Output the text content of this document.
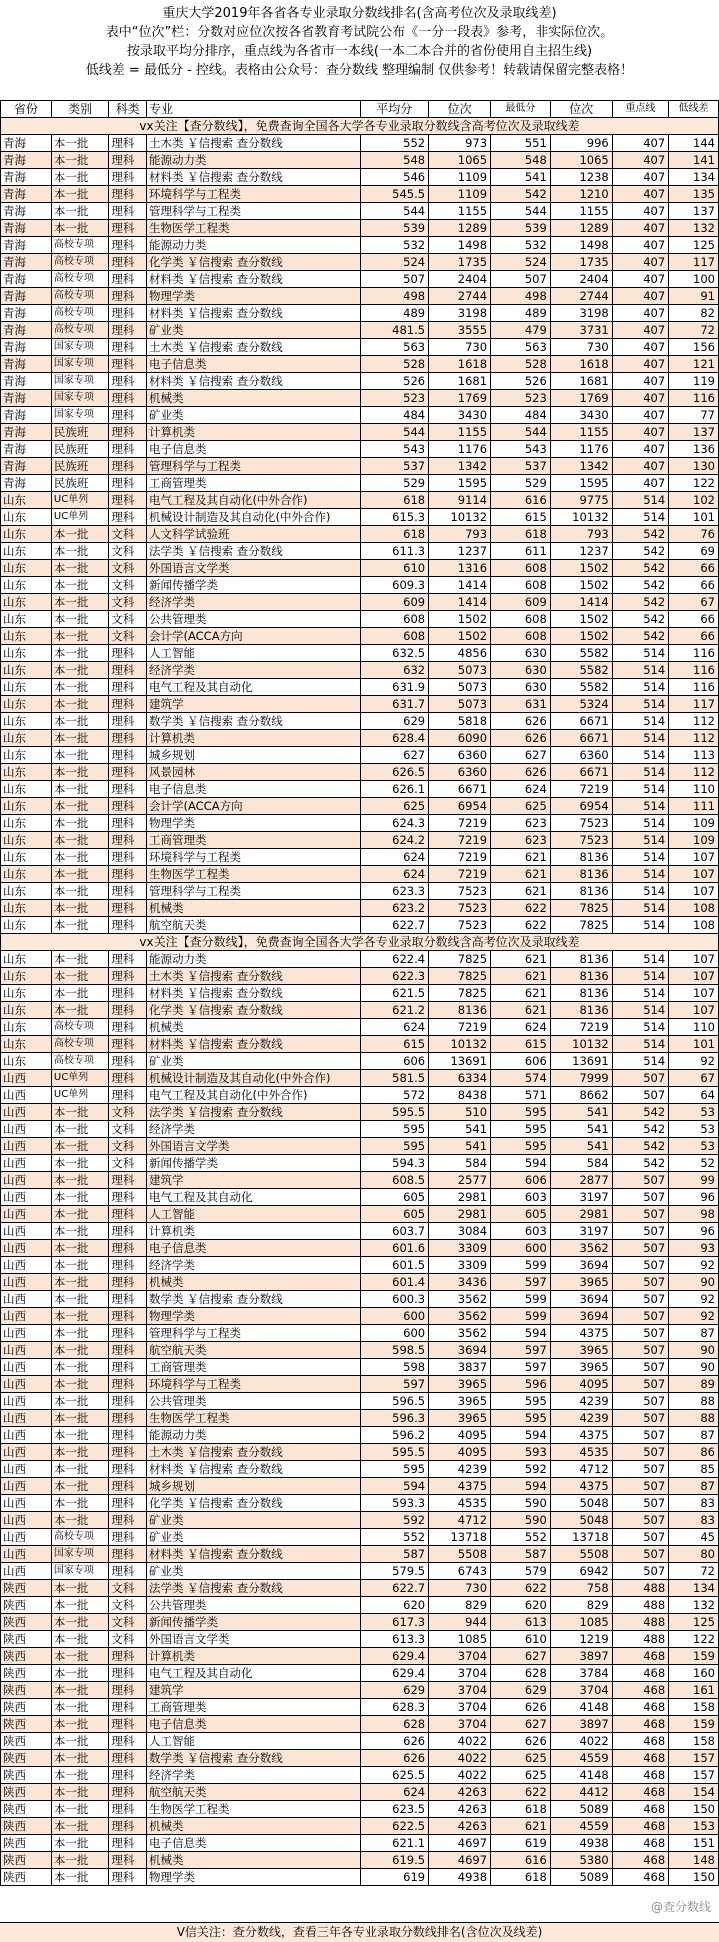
重庆大学2019年各省各专业录取分数线排名(含高考位次及录取线差)
表中“位次”栏：分数对应位次按各省教育考试院公布《一分一段表》参考，非实际位次。
按录取平均分排序，重点线为各省市一本线(一本二本合并的省份使用自主招生线)
低线差 = 最低分 - 控线。表格由公众号：查分数线 整理编制 仅供参考！转载请保留完整表格！
省份	类别	科类	专业	平均分	位次	最低分	位次	重点线	低线差
vx关注【查分数线】，免费查询全国各大学各专业录取分数线含高考位次及录取线差									
青海	本一批	理科	土木类 ￥信搜索 查分数线	552	973	551	996	407	144
青海	本一批	理科	能源动力类	548	1065	548	1065	407	141
青海	本一批	理科	材料类 ￥信搜索 查分数线	546	1109	541	1238	407	134
青海	本一批	理科	环境科学与工程类	545.5	1109	542	1210	407	135
青海	本一批	理科	管理科学与工程类	544	1155	544	1155	407	137
青海	本一批	理科	生物医学工程类	539	1289	539	1289	407	132
青海	高校专项	理科	能源动力类	532	1498	532	1498	407	125
青海	高校专项	理科	化学类 ￥信搜索 查分数线	524	1735	524	1735	407	117
青海	高校专项	理科	材料类 ￥信搜索 查分数线	507	2404	507	2404	407	100
青海	高校专项	理科	物理学类	498	2744	498	2744	407	91
青海	高校专项	理科	材料类 ￥信搜索 查分数线	489	3198	489	3198	407	82
青海	高校专项	理科	矿业类	481.5	3555	479	3731	407	72
青海	国家专项	理科	土木类 ￥信搜索 查分数线	563	730	563	730	407	156
青海	国家专项	理科	电子信息类	528	1618	528	1618	407	121
青海	国家专项	理科	材料类 ￥信搜索 查分数线	526	1681	526	1681	407	119
青海	国家专项	理科	机械类	523	1769	523	1769	407	116
青海	国家专项	理科	矿业类	484	3430	484	3430	407	77
青海	民族班	理科	计算机类	544	1155	544	1155	407	137
青海	民族班	理科	电子信息类	543	1176	543	1176	407	136
青海	民族班	理科	管理科学与工程类	537	1342	537	1342	407	130
青海	民族班	理科	工商管理类	529	1595	529	1595	407	122
山东	UC单列	理科	电气工程及其自动化(中外合作)	618	9114	616	9775	514	102
山东	UC单列	理科	机械设计制造及其自动化(中外合作)	615.3	10132	615	10132	514	101
山东	本一批	文科	人文科学试验班	618	793	618	793	542	76
山东	本一批	文科	法学类 ￥信搜索 查分数线	611.3	1237	611	1237	542	69
山东	本一批	文科	外国语言文学类	610	1316	608	1502	542	66
山东	本一批	文科	新闻传播学类	609.3	1414	608	1502	542	66
山东	本一批	文科	经济学类	609	1414	609	1414	542	67
山东	本一批	文科	公共管理类	608	1502	608	1502	542	66
山东	本一批	文科	会计学(ACCA方向	608	1502	608	1502	542	66
山东	本一批	理科	人工智能	632.5	4856	630	5582	514	116
山东	本一批	理科	经济学类	632	5073	630	5582	514	116
山东	本一批	理科	电气工程及其自动化	631.9	5073	630	5582	514	116
山东	本一批	理科	建筑学	631.7	5073	631	5324	514	117
山东	本一批	理科	数学类 ￥信搜索 查分数线	629	5818	626	6671	514	112
山东	本一批	理科	计算机类	628.4	6090	626	6671	514	112
山东	本一批	理科	城乡规划	627	6360	627	6360	514	113
山东	本一批	理科	风景园林	626.5	6360	626	6671	514	112
山东	本一批	理科	电子信息类	626.1	6671	624	7219	514	110
山东	本一批	理科	会计学(ACCA方向	625	6954	625	6954	514	111
山东	本一批	理科	物理学类	624.3	7219	623	7523	514	109
山东	本一批	理科	工商管理类	624.2	7219	623	7523	514	109
山东	本一批	理科	环境科学与工程类	624	7219	621	8136	514	107
山东	本一批	理科	生物医学工程类	624	7219	621	8136	514	107
山东	本一批	理科	管理科学与工程类	623.3	7523	621	8136	514	107
山东	本一批	理科	机械类	623.2	7523	622	7825	514	108
山东	本一批	理科	航空航天类	622.7	7523	622	7825	514	108
vx关注【查分数线】，免费查询全国各大学各专业录取分数线含高考位次及录取线差									
山东	本一批	理科	能源动力类	622.4	7825	621	8136	514	107
山东	本一批	理科	土木类 ￥信搜索 查分数线	622.3	7825	621	8136	514	107
山东	本一批	理科	材料类 ￥信搜索 查分数线	621.5	7825	621	8136	514	107
山东	本一批	理科	化学类 ￥信搜索 查分数线	621.2	8136	621	8136	514	107
山东	高校专项	理科	机械类	624	7219	624	7219	514	110
山东	高校专项	理科	材料类 ￥信搜索 查分数线	615	10132	615	10132	514	101
山东	高校专项	理科	矿业类	606	13691	606	13691	514	92
山西	UC单列	理科	机械设计制造及其自动化(中外合作)	581.5	6334	574	7999	507	67
山西	UC单列	理科	电气工程及其自动化(中外合作)	572	8438	571	8662	507	64
山西	本一批	文科	法学类 ￥信搜索 查分数线	595.5	510	595	541	542	53
山西	本一批	文科	经济学类	595	541	595	541	542	53
山西	本一批	文科	外国语言文学类	595	541	595	541	542	53
山西	本一批	文科	新闻传播学类	594.3	584	594	584	542	52
山西	本一批	理科	建筑学	608.5	2577	606	2877	507	99
山西	本一批	理科	电气工程及其自动化	605	2981	603	3197	507	96
山西	本一批	理科	人工智能	605	2981	605	2981	507	98
山西	本一批	理科	计算机类	603.7	3084	603	3197	507	96
山西	本一批	理科	电子信息类	601.6	3309	600	3562	507	93
山西	本一批	理科	经济学类	601.5	3309	599	3694	507	92
山西	本一批	理科	机械类	601.4	3436	597	3965	507	90
山西	本一批	理科	数学类 ￥信搜索 查分数线	600.3	3562	599	3694	507	92
山西	本一批	理科	物理学类	600	3562	599	3694	507	92
山西	本一批	理科	管理科学与工程类	600	3562	594	4375	507	87
山西	本一批	理科	航空航天类	598.5	3694	597	3965	507	90
山西	本一批	理科	工商管理类	598	3837	597	3965	507	90
山西	本一批	理科	环境科学与工程类	597	3965	596	4095	507	89
山西	本一批	理科	公共管理类	596.5	3965	595	4239	507	88
山西	本一批	理科	生物医学工程类	596.3	3965	595	4239	507	88
山西	本一批	理科	能源动力类	596.2	4095	594	4375	507	87
山西	本一批	理科	土木类 ￥信搜索 查分数线	595.5	4095	593	4535	507	86
山西	本一批	理科	材料类 ￥信搜索 查分数线	595	4239	592	4712	507	85
山西	本一批	理科	城乡规划	594	4375	594	4375	507	87
山西	本一批	理科	化学类 ￥信搜索 查分数线	593.3	4535	590	5048	507	83
山西	本一批	理科	矿业类	592	4712	590	5048	507	83
山西	高校专项	理科	矿业类	552	13718	552	13718	507	45
山西	国家专项	理科	材料类 ￥信搜索 查分数线	587	5508	587	5508	507	80
山西	国家专项	理科	矿业类	579.5	6743	579	6942	507	72
陕西	本一批	文科	法学类 ￥信搜索 查分数线	622.7	730	622	758	488	134
陕西	本一批	文科	公共管理类	620	829	620	829	488	132
陕西	本一批	文科	新闻传播学类	617.3	944	613	1085	488	125
陕西	本一批	文科	外国语言文学类	613.3	1085	610	1219	488	122
陕西	本一批	理科	计算机类	629.4	3704	627	3897	468	159
陕西	本一批	理科	电气工程及其自动化	629.4	3704	628	3784	468	160
陕西	本一批	理科	建筑学	629	3704	629	3704	468	161
陕西	本一批	理科	工商管理类	628.3	3704	626	4148	468	158
陕西	本一批	理科	电子信息类	628	3704	627	3897	468	159
陕西	本一批	理科	人工智能	626	4022	626	4022	468	158
陕西	本一批	理科	数学类 ￥信搜索 查分数线	626	4022	625	4559	468	157
陕西	本一批	理科	经济学类	625.5	4022	625	4148	468	157
陕西	本一批	理科	航空航天类	624	4263	622	4412	468	154
陕西	本一批	理科	生物医学工程类	623.5	4263	618	5089	468	150
陕西	本一批	理科	机械类	622.5	4263	621	4559	468	153
陕西	本一批	理科	电子信息类	621.1	4697	619	4938	468	151
陕西	本一批	理科	机械类	619.5	4697	616	5380	468	148
陕西	本一批	理科	物理学类	619	4938	618	5089	468	150
@查分数线
V信关注：查分数线，查看三年各专业录取分数线排名(含位次及线差)
